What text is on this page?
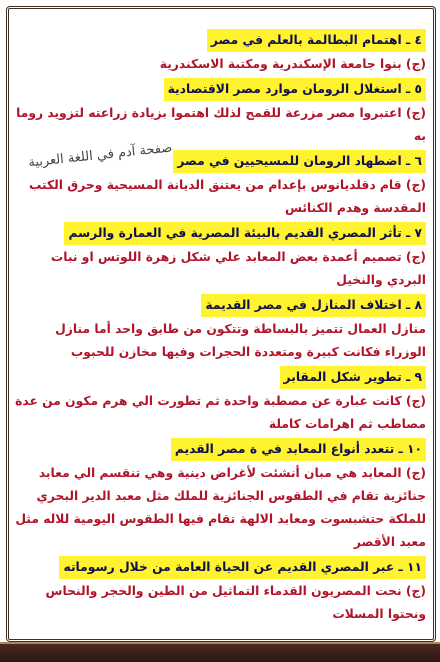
٤ ـ اهتمام البطالمة بالعلم في مصر
(ج) بنوا جامعة الإسكندرية ومكتبة الاسكندرية
٥ ـ استغلال الرومان موارد مصر الاقتصادية
(ج) اعتبروا مصر مزرعة للقمح لذلك اهتموا بزيادة زراعته لتزويد روما به
٦ ـ اضطهاد الرومان للمسيحيين في مصر
(ج) قام دقلديانوس بإعدام من يعتنق الديانة المسيحية وحرق الكتب المقدسة وهدم الكنائس
٧ ـ تأثر المصري القديم بالبيئة المصرية في العمارة والرسم
(ج) تصميم أعمدة بعض المعابد علي شكل زهرة اللوتس او نبات البردي والنخيل
٨ ـ اختلاف المنازل في مصر القديمة
منازل العمال تتميز بالبساطة وتتكون من طابق واحد أما منازل الوزراء فكانت كبيرة ومتعددة الحجرات وفيها مخازن للحبوب
٩ ـ تطوير شكل المقابر
(ج) كانت عبارة عن مصطبة واحدة ثم تطورت الي هرم مكون من عدة مصاطب ثم اهرامات كاملة
١٠ ـ تتعدد أنواع المعابد في ة مصر القديم
(ج) المعابد هي مبان أنشئت لأغراض دينية وهي تنقسم الي معابد جنائزية تقام في الطقوس الجنائزية للملك مثل معبد الدير البحري للملكة حتشبسوت ومعابد الالهة تقام فيها الطقوس اليومية للاله مثل معبد الأقصر
١١ ـ عبر المصري القديم عن الحياة العامة من خلال رسوماته
(ج) نحت المصريون القدماء التماثيل من الطين والحجر والنحاس ونحتوا المسلات
صفحة آدم في اللغة العربية
